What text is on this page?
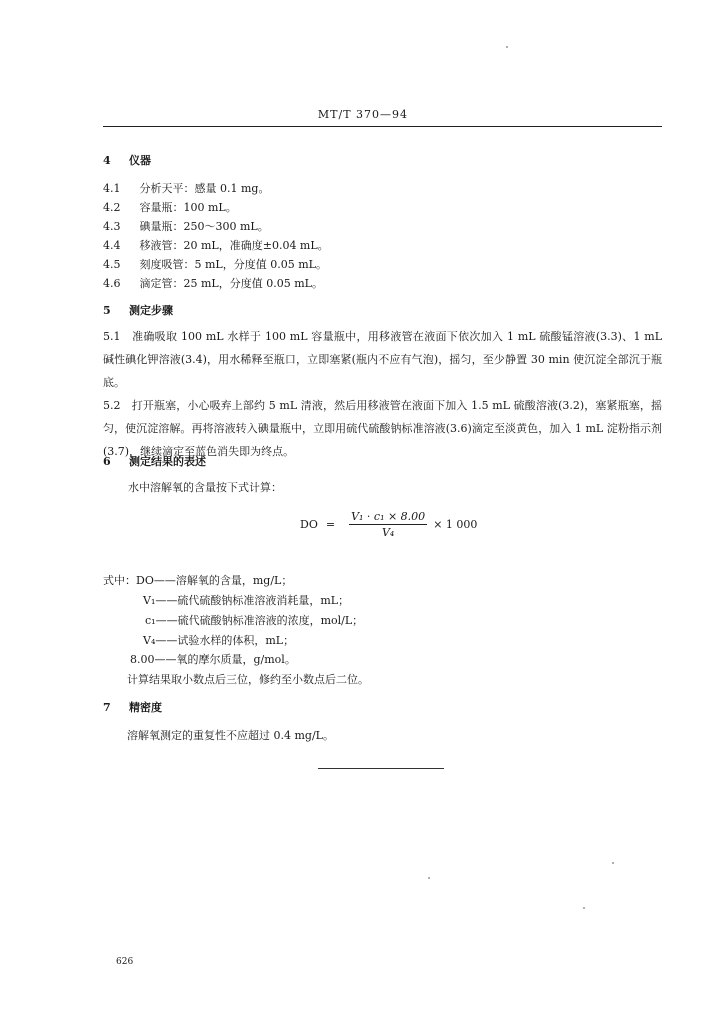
MT/T 370—94
4 仪器
4.1 分析天平：感量 0.1 mg。
4.2 容量瓶：100 mL。
4.3 碘量瓶：250～300 mL。
4.4 移液管：20 mL，准确度±0.04 mL。
4.5 刻度吸管：5 mL，分度值 0.05 mL。
4.6 滴定管：25 mL，分度值 0.05 mL。
5 测定步骤
5.1　准确吸取 100 mL 水样于 100 mL 容量瓶中，用移液管在液面下依次加入 1 mL 硫酸锰溶液(3.3)、1 mL 碱性碘化钾溶液(3.4)，用水稀释至瓶口，立即塞紧(瓶内不应有气泡)，摇匀，至少静置 30 min 使沉淀全部沉于瓶底。
5.2　打开瓶塞，小心吸弃上部约 5 mL 清液，然后用移液管在液面下加入 1.5 mL 硫酸溶液(3.2)，塞紧瓶塞，摇匀，使沉淀溶解。再将溶液转入碘量瓶中，立即用硫代硫酸钠标准溶液(3.6)滴定至淡黄色，加入 1 mL 淀粉指示剂(3.7)，继续滴定至蓝色消失即为终点。
6 测定结果的表述
水中溶解氧的含量按下式计算：
DO = $\frac{\text{V₁ · c₁ × 8.00}}{\text{V₄}} \times 1$ 000
式中：DO——溶解氧的含量，mg/L；
V₁——硫代硫酸钠标准溶液消耗量，mL；
c₁——硫代硫酸钠标准溶液的浓度，mol/L；
V₄——试验水样的体积，mL；
8.00——氧的摩尔质量，g/mol。
计算结果取小数点后三位，修约至小数点后二位。
7 精密度
溶解氧测定的重复性不应超过 0.4 mg/L。
626
